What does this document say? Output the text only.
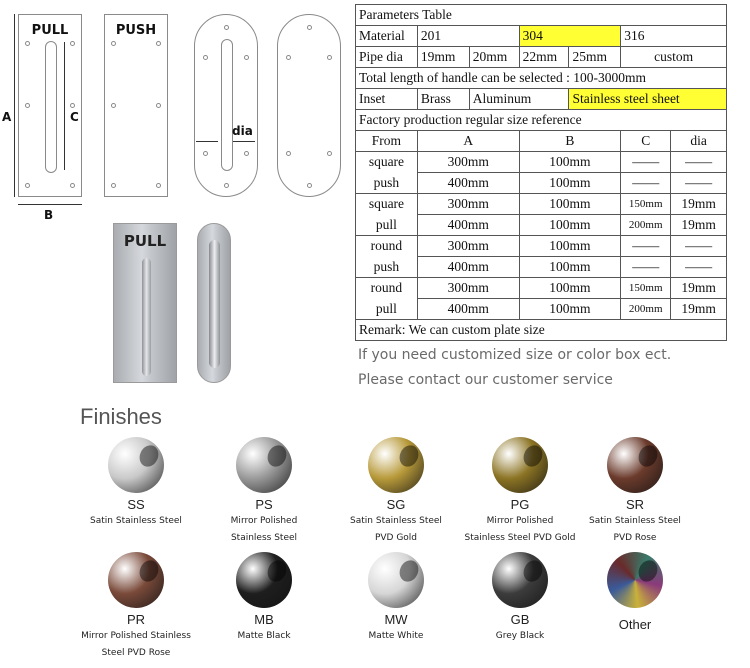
A
PULL
C
B
PUSH
dia
PULL
Parameters Table						
Material	201		304		316	
Pipe dia	19mm	20mm	22mm	25mm	custom	
Total length of handle can be selected : 100-3000mm						
Inset	Brass	Aluminum		Stainless steel sheet		
Factory production regular size reference						
From	A		B		C	dia
square	300mm		100mm		——	——
push	400mm		100mm		——	——
square	300mm		100mm		150mm	19mm
pull	400mm		100mm		200mm	19mm
round	300mm		100mm		——	——
push	400mm		100mm		——	——
round	300mm		100mm		150mm	19mm
pull	400mm		100mm		200mm	19mm
Remark: We can custom plate size						
If you need customized size or color box ect.
Please contact our customer service
Finishes
SS
Satin Stainless Steel
PS
Mirror Polished
Stainless Steel
SG
Satin Stainless Steel
PVD Gold
PG
Mirror Polished
Stainless Steel PVD Gold
SR
Satin Stainless Steel
PVD Rose
PR
Mirror Polished Stainless
Steel PVD Rose
MB
Matte Black
MW
Matte White
GB
Grey Black
Other
